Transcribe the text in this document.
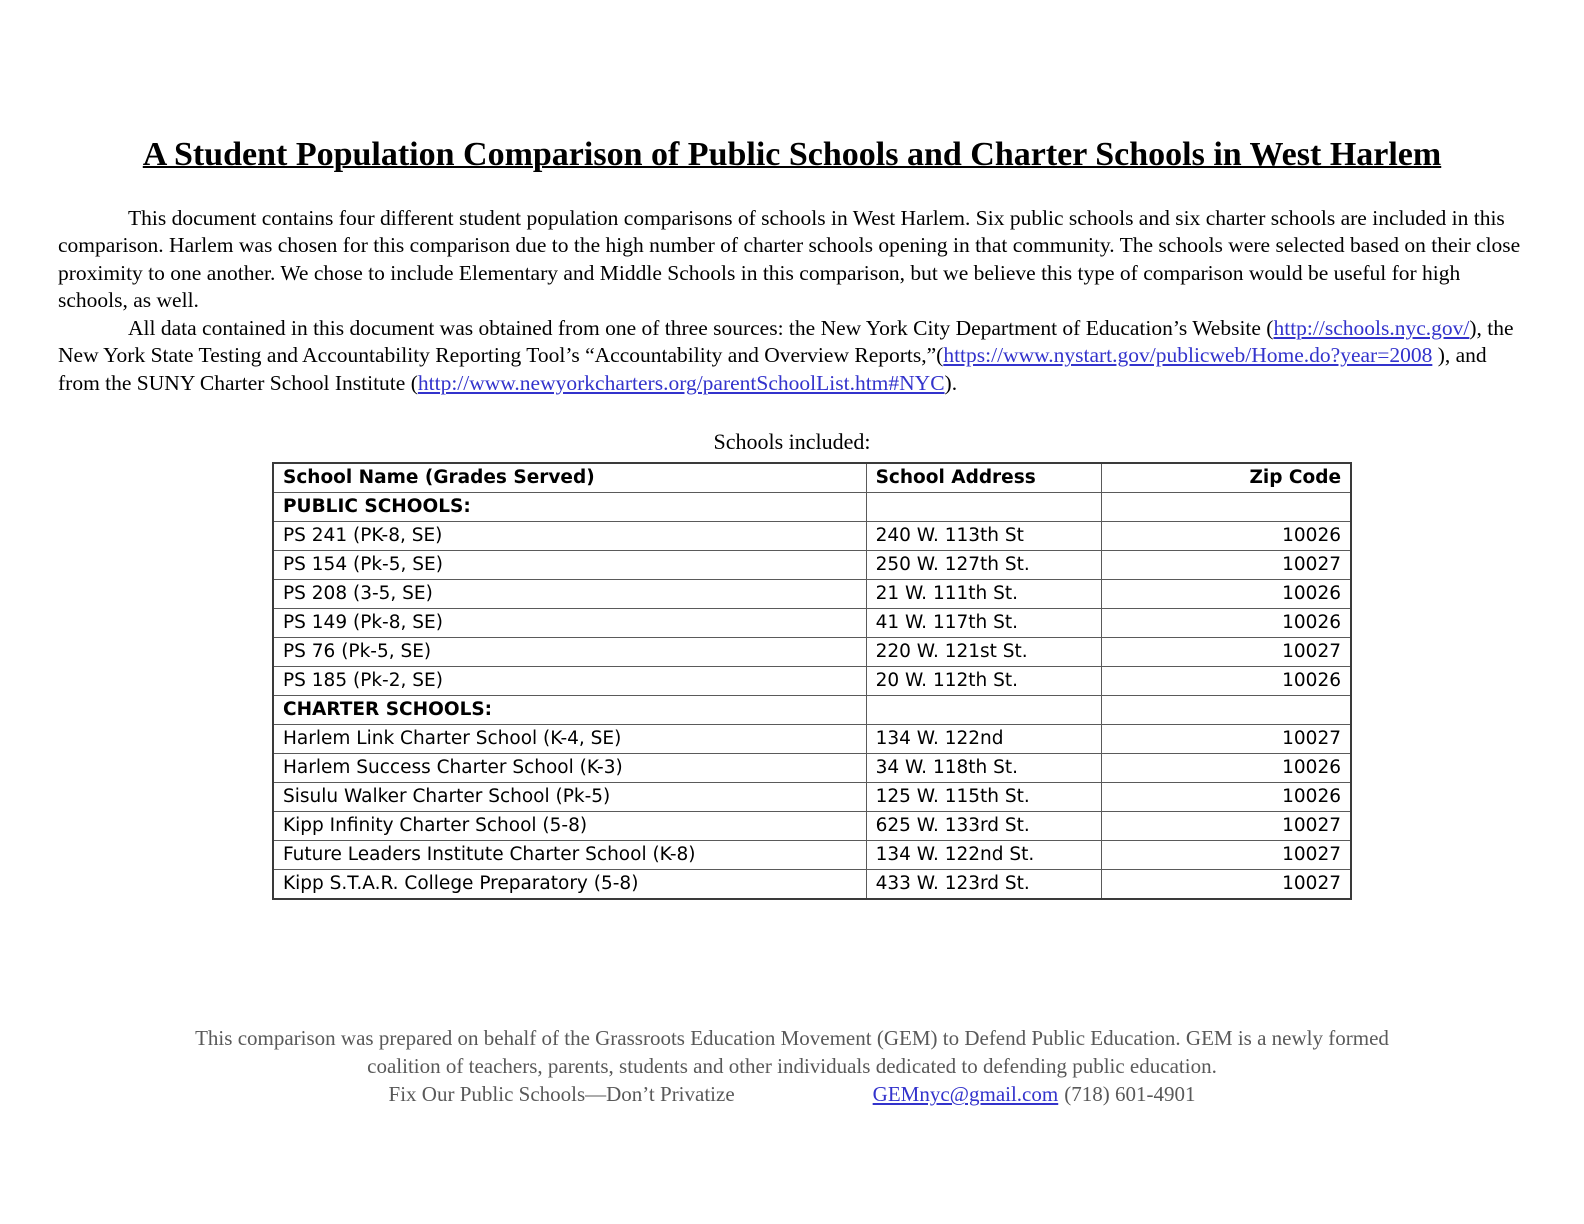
A Student Population Comparison of Public Schools and Charter Schools in West Harlem

This document contains four different student population comparisons of schools in West Harlem. Six public schools and six charter schools are included in this comparison. Harlem was chosen for this comparison due to the high number of charter schools opening in that community. The schools were selected based on their close proximity to one another. We chose to include Elementary and Middle Schools in this comparison, but we believe this type of comparison would be useful for high schools, as well.

All data contained in this document was obtained from one of three sources: the New York City Department of Education’s Website (http://schools.nyc.gov/), the New York State Testing and Accountability Reporting Tool’s “Accountability and Overview Reports,”(https://www.nystart.gov/publicweb/Home.do?year=2008 ), and from the SUNY Charter School Institute (http://www.newyorkcharters.org/parentSchoolList.htm#NYC).

Schools included:
School Name (Grades Served)	School Address	Zip Code
PUBLIC SCHOOLS:		
PS 241 (PK-8, SE)	240 W. 113th St	10026
PS 154 (Pk-5, SE)	250 W. 127th St.	10027
PS 208 (3-5, SE)	21 W. 111th St.	10026
PS 149 (Pk-8, SE)	41 W. 117th St.	10026
PS 76 (Pk-5, SE)	220 W. 121st St.	10027
PS 185 (Pk-2, SE)	20 W. 112th St.	10026
CHARTER SCHOOLS:		
Harlem Link Charter School (K-4, SE)	134 W. 122nd	10027
Harlem Success Charter School (K-3)	34 W. 118th St.	10026
Sisulu Walker Charter School (Pk-5)	125 W. 115th St.	10026
Kipp Infinity Charter School (5-8)	625 W. 133rd St.	10027
Future Leaders Institute Charter School (K-8)	134 W. 122nd St.	10027
Kipp S.T.A.R. College Preparatory (5-8)	433 W. 123rd St.	10027

This comparison was prepared on behalf of the Grassroots Education Movement (GEM) to Defend Public Education. GEM is a newly formed coalition of teachers, parents, students and other individuals dedicated to defending public education.

Fix Our Public Schools—Don’t Privatize	GEMnyc@gmail.com (718) 601-4901
